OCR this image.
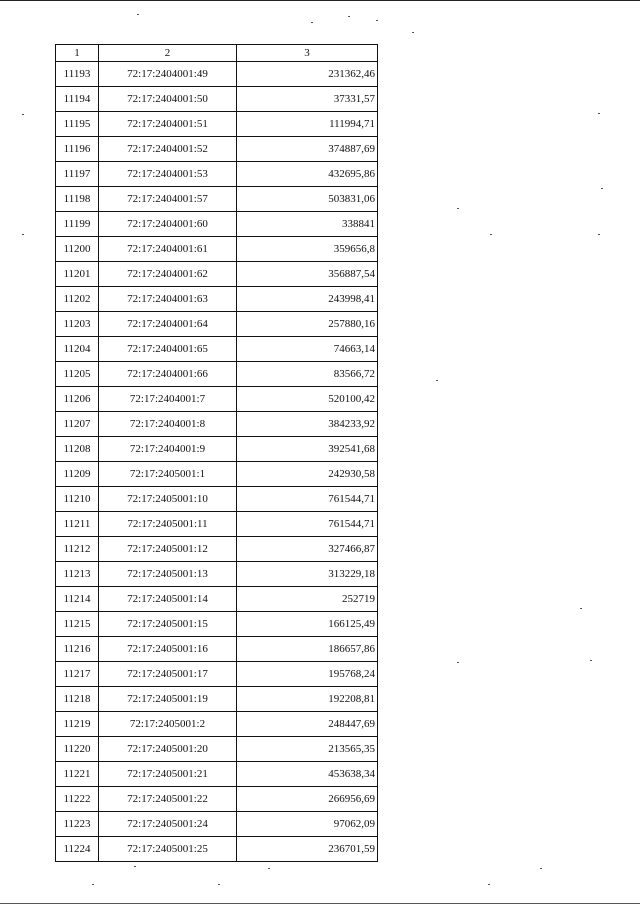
1	2	3
11193	72:17:2404001:49	231362,46
11194	72:17:2404001:50	37331,57
11195	72:17:2404001:51	111994,71
11196	72:17:2404001:52	374887,69
11197	72:17:2404001:53	432695,86
11198	72:17:2404001:57	503831,06
11199	72:17:2404001:60	338841
11200	72:17:2404001:61	359656,8
11201	72:17:2404001:62	356887,54
11202	72:17:2404001:63	243998,41
11203	72:17:2404001:64	257880,16
11204	72:17:2404001:65	74663,14
11205	72:17:2404001:66	83566,72
11206	72:17:2404001:7	520100,42
11207	72:17:2404001:8	384233,92
11208	72:17:2404001:9	392541,68
11209	72:17:2405001:1	242930,58
11210	72:17:2405001:10	761544,71
11211	72:17:2405001:11	761544,71
11212	72:17:2405001:12	327466,87
11213	72:17:2405001:13	313229,18
11214	72:17:2405001:14	252719
11215	72:17:2405001:15	166125,49
11216	72:17:2405001:16	186657,86
11217	72:17:2405001:17	195768,24
11218	72:17:2405001:19	192208,81
11219	72:17:2405001:2	248447,69
11220	72:17:2405001:20	213565,35
11221	72:17:2405001:21	453638,34
11222	72:17:2405001:22	266956,69
11223	72:17:2405001:24	97062,09
11224	72:17:2405001:25	236701,59
